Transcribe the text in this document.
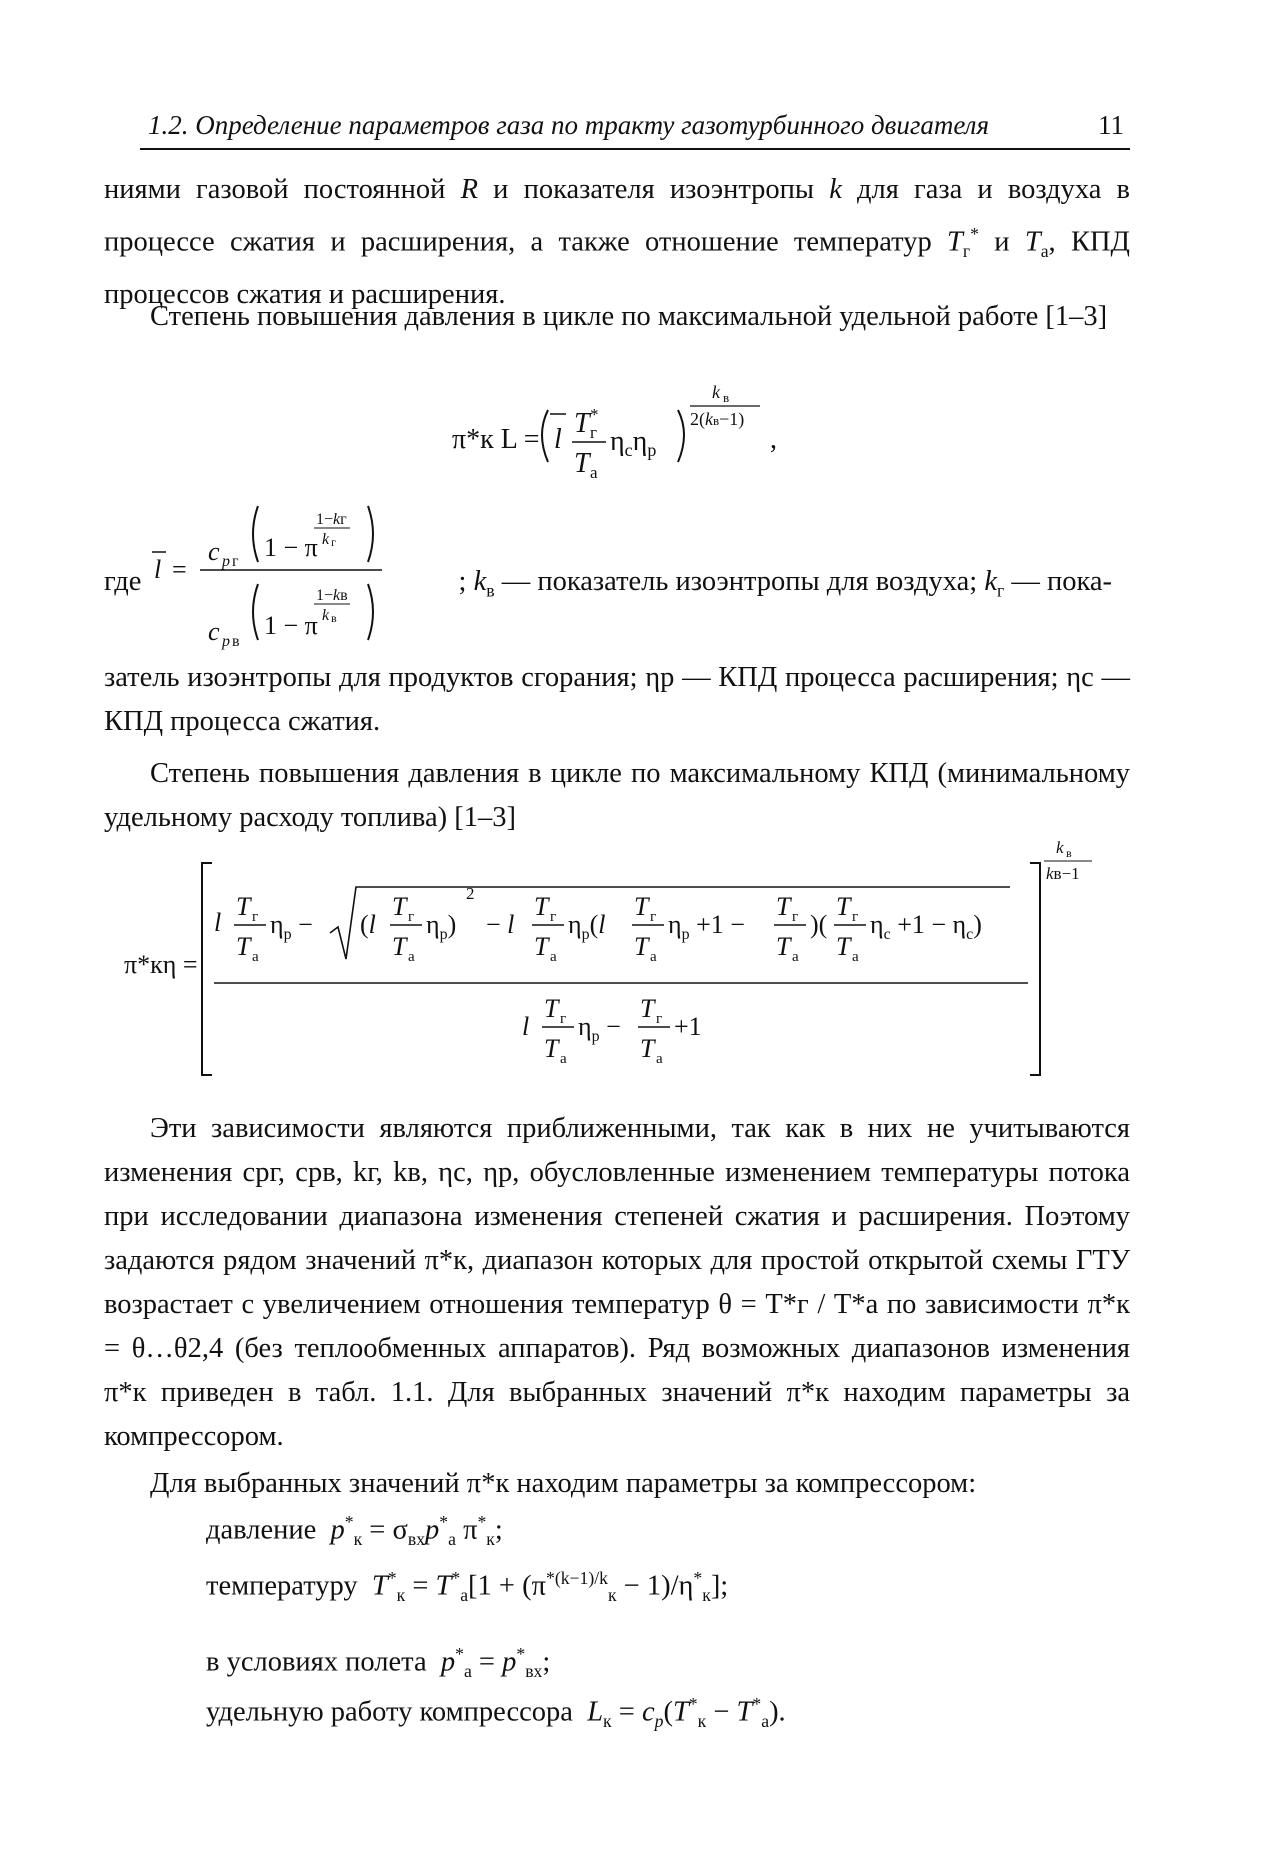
1.2. Определение параметров газа по тракту газотурбинного двигателя	11
ниями газовой постоянной R и показателя изоэнтропы k для газа и воздуха в процессе сжатия и расширения, а также отношение температур $T_г^*$ и $T_а$, КПД процессов сжатия и расширения.
Степень повышения давления в цикле по максимальной удельной работе [1–3]
π*к L = l
T г
*
T а
$\eta_с\eta_р$
k в
2(kв−1)
,
где	; $k_в$ — показатель изоэнтропы для воздуха; $k_г$ — пока-
l =
c p г 1 − π
1−kг
k г
c p в
1 − π
1−kв
k в
затель изоэнтропы для продуктов сгорания; ηр — КПД процесса расширения; ηс — КПД процесса сжатия.
Степень повышения давления в цикле по максимальному КПД (минимальному удельному расходу топлива) [1–3]
π*кη =
l
T г
T а
$\eta_р - (l$
T г
T а
$\eta_р$)
2
− l
T г
T а
$\eta_р(l$
T г
T а
$\eta_р +1$ −
T г
T а
)(
T г
T а
$\eta_с +1 - \eta_с$)
l
T г
T а
$\eta_р$ −
T г
T а
+1
k в
kв−1
Эти зависимости являются приближенными, так как в них не учитываются изменения cpг, cpв, kг, kв, ηс, ηр, обусловленные изменением температуры потока при исследовании диапазона изменения степеней сжатия и расширения. Поэтому задаются рядом значений π*к, диапазон которых для простой открытой схемы ГТУ возрастает с увеличением отношения температур θ = T*г / T*а по зависимости π*к = θ…θ2,4 (без теплообменных аппаратов). Ряд возможных диапазонов изменения π*к приведен в табл. 1.1. Для выбранных значений π*к находим параметры за компрессором.
Для выбранных значений π*к находим параметры за компрессором:
давление $p^*_к = \sigma_{вх}p^*_а$ $\pi^*_к$;
температуру $T^*_к = T^*_а[1 + (\pi^{*(k-1)/k}_к - 1)/\eta^*_к]$;
в условиях полета $p^*_а = p^*_{вх}$;
удельную работу компрессора $L_к = c_p(T^*_к - T^*_а)$.
